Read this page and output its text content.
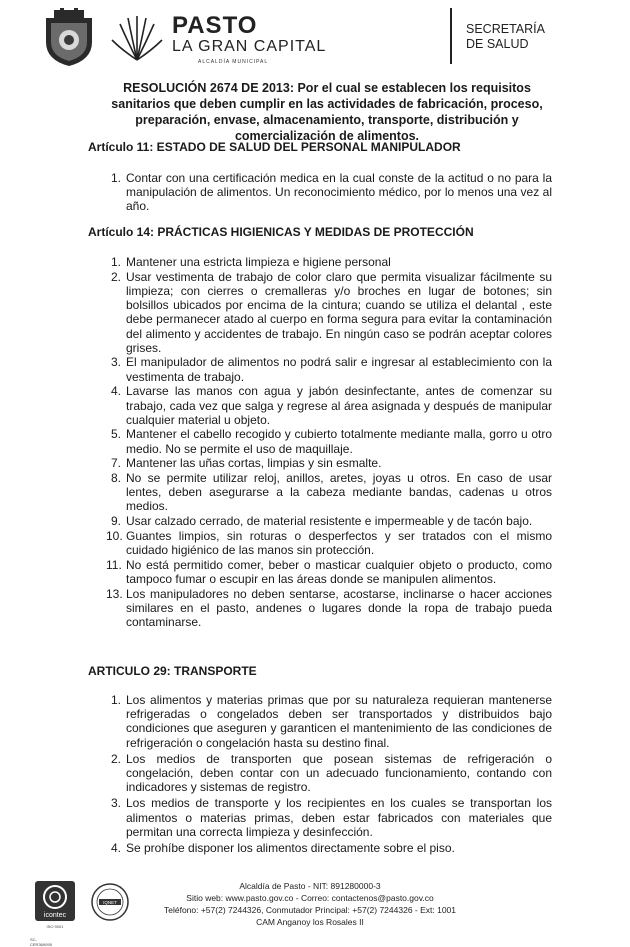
PASTO
LA GRAN CAPITAL
ALCALDÍA MUNICIPAL
SECRETARÍA
DE SALUD
RESOLUCIÓN 2674 DE 2013: Por el cual se establecen los requisitos sanitarios que deben cumplir en las actividades de fabricación, proceso, preparación, envase, almacenamiento, transporte, distribución y comercialización de alimentos.
Artículo 11: ESTADO DE SALUD DEL PERSONAL MANIPULADOR
1. Contar con una certificación medica en la cual conste de la actitud o no para la manipulación de alimentos. Un reconocimiento médico, por lo menos una vez al año.
Artículo 14: PRÁCTICAS HIGIENICAS Y MEDIDAS DE PROTECCIÓN
1. Mantener una estricta limpieza e higiene personal
2. Usar vestimenta de trabajo de color claro que permita visualizar fácilmente su limpieza; con cierres o cremalleras y/o broches en lugar de botones; sin bolsillos ubicados por encima de la cintura; cuando se utiliza el delantal , este debe permanecer atado al cuerpo en forma segura para evitar la contaminación del alimento y accidentes de trabajo. En ningún caso se podrán aceptar colores grises.
3. El manipulador de alimentos no podrá salir e ingresar al establecimiento con la vestimenta de trabajo.
4. Lavarse las manos con agua y jabón desinfectante, antes de comenzar su trabajo, cada vez que salga y regrese al área asignada y después de manipular cualquier material u objeto.
5. Mantener el cabello recogido y cubierto totalmente mediante malla, gorro u otro medio. No se permite el uso de maquillaje.
7. Mantener las uñas cortas, limpias y sin esmalte.
8. No se permite utilizar reloj, anillos, aretes, joyas u otros. En caso de usar lentes, deben asegurarse a la cabeza mediante bandas, cadenas u otros medios.
9. Usar calzado cerrado, de material resistente e impermeable y de tacón bajo.
10. Guantes limpios, sin roturas o desperfectos y ser tratados con el mismo cuidado higiénico de las manos sin protección.
11. No está permitido comer, beber o masticar cualquier objeto o producto, como tampoco fumar o escupir en las áreas donde se manipulen alimentos.
13. Los manipuladores no deben sentarse, acostarse, inclinarse o hacer acciones similares en el pasto, andenes o lugares donde la ropa de trabajo pueda contaminarse.
ARTICULO 29: TRANSPORTE
1. Los alimentos y materias primas que por su naturaleza requieran mantenerse refrigeradas o congelados deben ser transportados y distribuidos bajo condiciones que aseguren y garanticen el mantenimiento de las condiciones de refrigeración o congelación hasta su destino final.
2. Los medios de transporten que posean sistemas de refrigeración o congelación, deben contar con un adecuado funcionamiento, contando con indicadores y sistemas de registro.
3. Los medios de transporte y los recipientes en los cuales se transportan los alimentos o materias primas, deben estar fabricados con materiales que permitan una correcta limpieza y desinfección.
4. Se prohíbe disponer los alimentos directamente sobre el piso.
icontec
ISO 9001
SC-CER369095
IQNET
Alcaldía de Pasto - NIT: 891280000-3
Sitio web: www.pasto.gov.co - Correo: contactenos@pasto.gov.co
Teléfono: +57(2) 7244326, Conmutador Principal: +57(2) 7244326 - Ext: 1001
CAM Anganoy los Rosales II
